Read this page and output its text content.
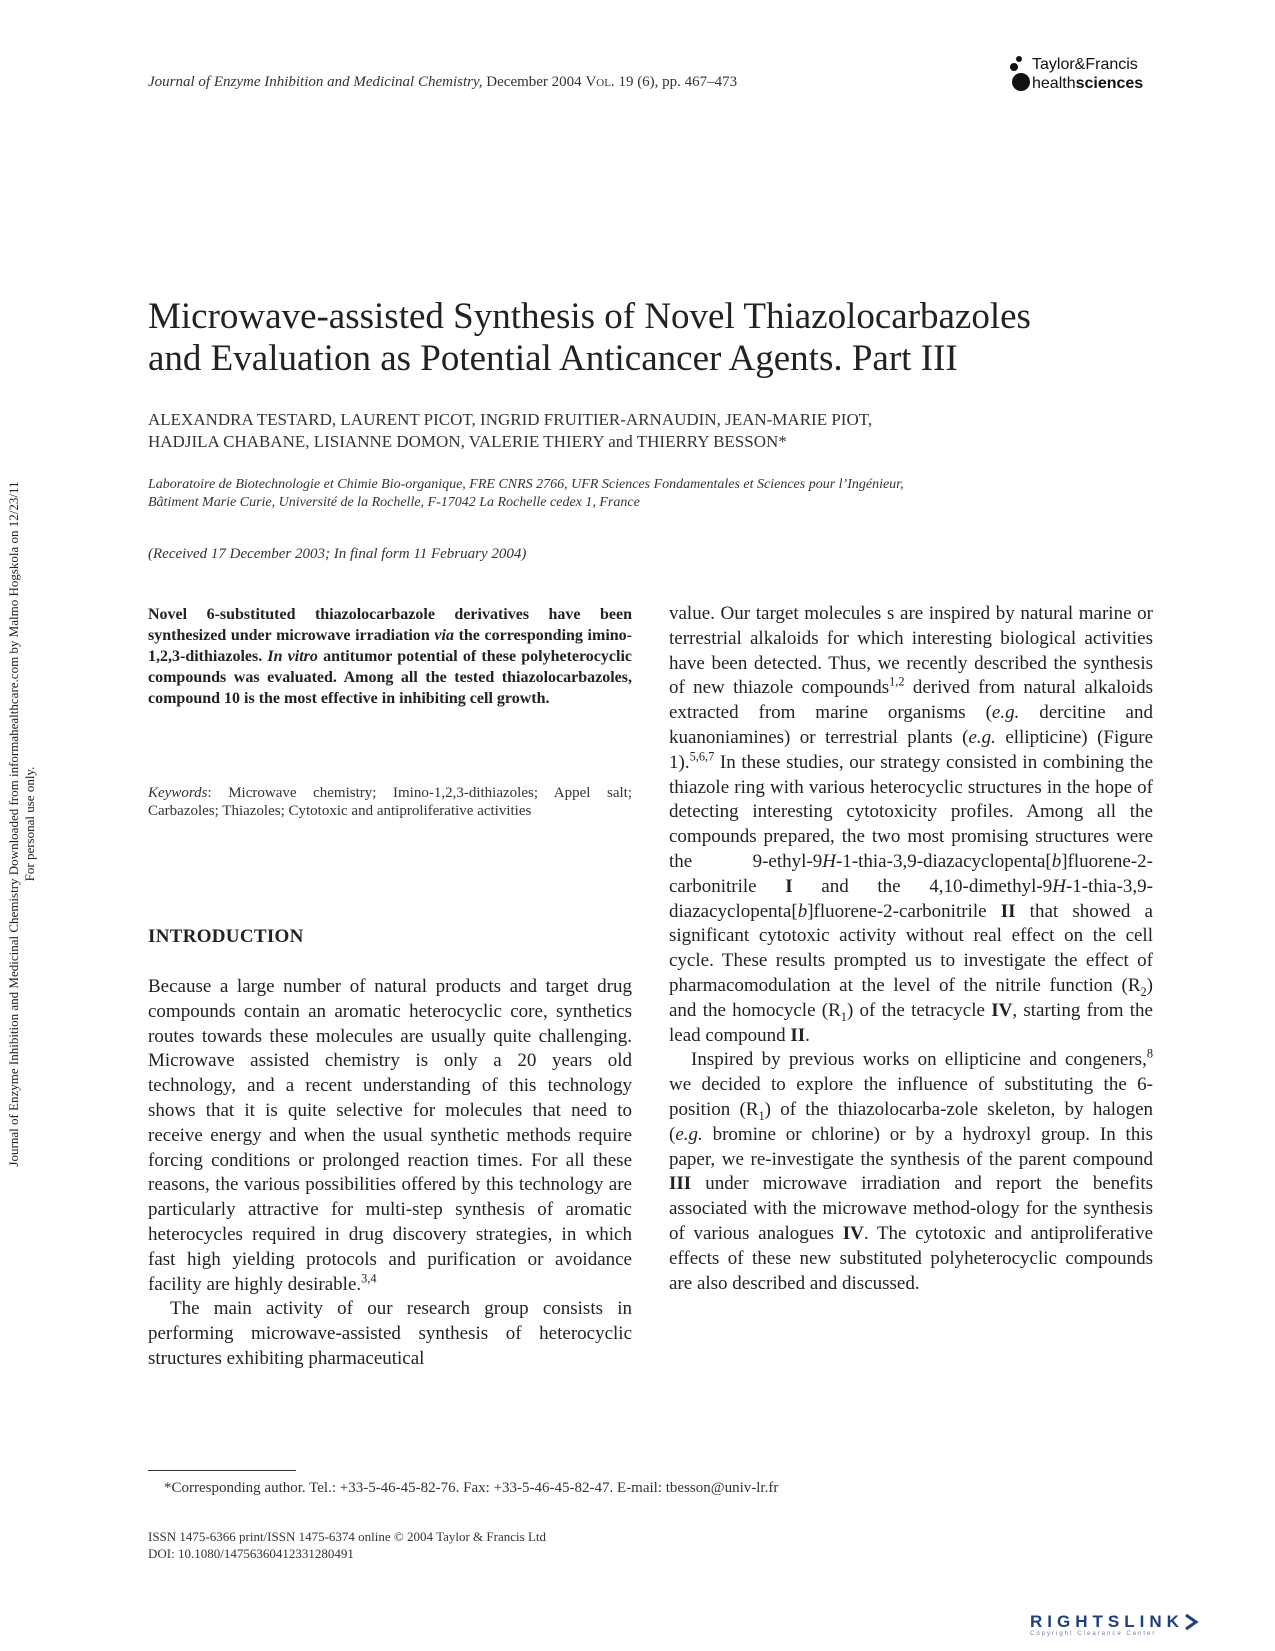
Journal of Enzyme Inhibition and Medicinal Chemistry, December 2004 Vol. 19 (6), pp. 467–473
Taylor&Francis
healthsciences
Microwave-assisted Synthesis of Novel Thiazolocarbazoles
and Evaluation as Potential Anticancer Agents. Part III
ALEXANDRA TESTARD, LAURENT PICOT, INGRID FRUITIER-ARNAUDIN, JEAN-MARIE PIOT,
HADJILA CHABANE, LISIANNE DOMON, VALERIE THIERY and THIERRY BESSON*
Laboratoire de Biotechnologie et Chimie Bio-organique, FRE CNRS 2766, UFR Sciences Fondamentales et Sciences pour l’Ingénieur,
Bâtiment Marie Curie, Université de la Rochelle, F-17042 La Rochelle cedex 1, France
(Received 17 December 2003; In final form 11 February 2004)
Novel 6-substituted thiazolocarbazole derivatives have been synthesized under microwave irradiation via the corresponding imino-1,2,3-dithiazoles. In vitro antitumor potential of these polyheterocyclic compounds was evaluated. Among all the tested thiazolocarbazoles, compound 10 is the most effective in inhibiting cell growth.
Keywords: Microwave chemistry; Imino-1,2,3-dithiazoles; Appel salt; Carbazoles; Thiazoles; Cytotoxic and antiproliferative activities
INTRODUCTION

Because a large number of natural products and target drug compounds contain an aromatic heterocyclic core, synthetics routes towards these molecules are usually quite challenging. Microwave assisted chemistry is only a 20 years old technology, and a recent understanding of this technology shows that it is quite selective for molecules that need to receive energy and when the usual synthetic methods require forcing conditions or prolonged reaction times. For all these reasons, the various possibilities offered by this technology are particularly attractive for multi-step synthesis of aromatic heterocycles required in drug discovery strategies, in which fast high yielding protocols and purification or avoidance facility are highly desirable.$^{3,4}$

The main activity of our research group consists in performing microwave-assisted synthesis of heterocyclic structures exhibiting pharmaceutical

value. Our target molecules s are inspired by natural marine or terrestrial alkaloids for which interesting biological activities have been detected. Thus, we recently described the synthesis of new thiazole compounds$^{1,2}$ derived from natural alkaloids extracted from marine organisms (e.g. dercitine and kuanoniamines) or terrestrial plants (e.g. ellipticine) (Figure 1).$^{5,6,7}$ In these studies, our strategy consisted in combining the thiazole ring with various heterocyclic structures in the hope of detecting interesting cytotoxicity profiles. Among all the compounds prepared, the two most promising structures were the 9-ethyl-9H-1-thia-3,9-diazacyclopenta[b]fluorene-2-carbonitrile I and the 4,10-dimethyl-9H-1-thia-3,9-diazacyclopenta[b]fluorene-2-carbonitrile II that showed a significant cytotoxic activity without real effect on the cell cycle. These results prompted us to investigate the effect of pharmacomodulation at the level of the nitrile function $(R_2)$ and the homocycle $(R_1)$ of the tetracycle IV, starting from the lead compound II.

Inspired by previous works on ellipticine and congeners,$^8$ we decided to explore the influence of substituting the 6-position $(R_1)$ of the thiazolocarba-zole skeleton, by halogen (e.g. bromine or chlorine) or by a hydroxyl group. In this paper, we re-investigate the synthesis of the parent compound III under microwave irradiation and report the benefits associated with the microwave method-ology for the synthesis of various analogues IV. The cytotoxic and antiproliferative effects of these new substituted polyheterocyclic compounds are also described and discussed.

*Corresponding author. Tel.: +33-5-46-45-82-76. Fax: +33-5-46-45-82-47. E-mail: tbesson@univ-lr.fr
ISSN 1475-6366 print/ISSN 1475-6374 online © 2004 Taylor & Francis Ltd
DOI: 10.1080/14756360412331280491
Journal of Enzyme Inhibition and Medicinal Chemistry Downloaded from informahealthcare.com by Malmo Hogskola on 12/23/11 For personal use only.
RIGHTSLINK
Copyright Clearance Center
